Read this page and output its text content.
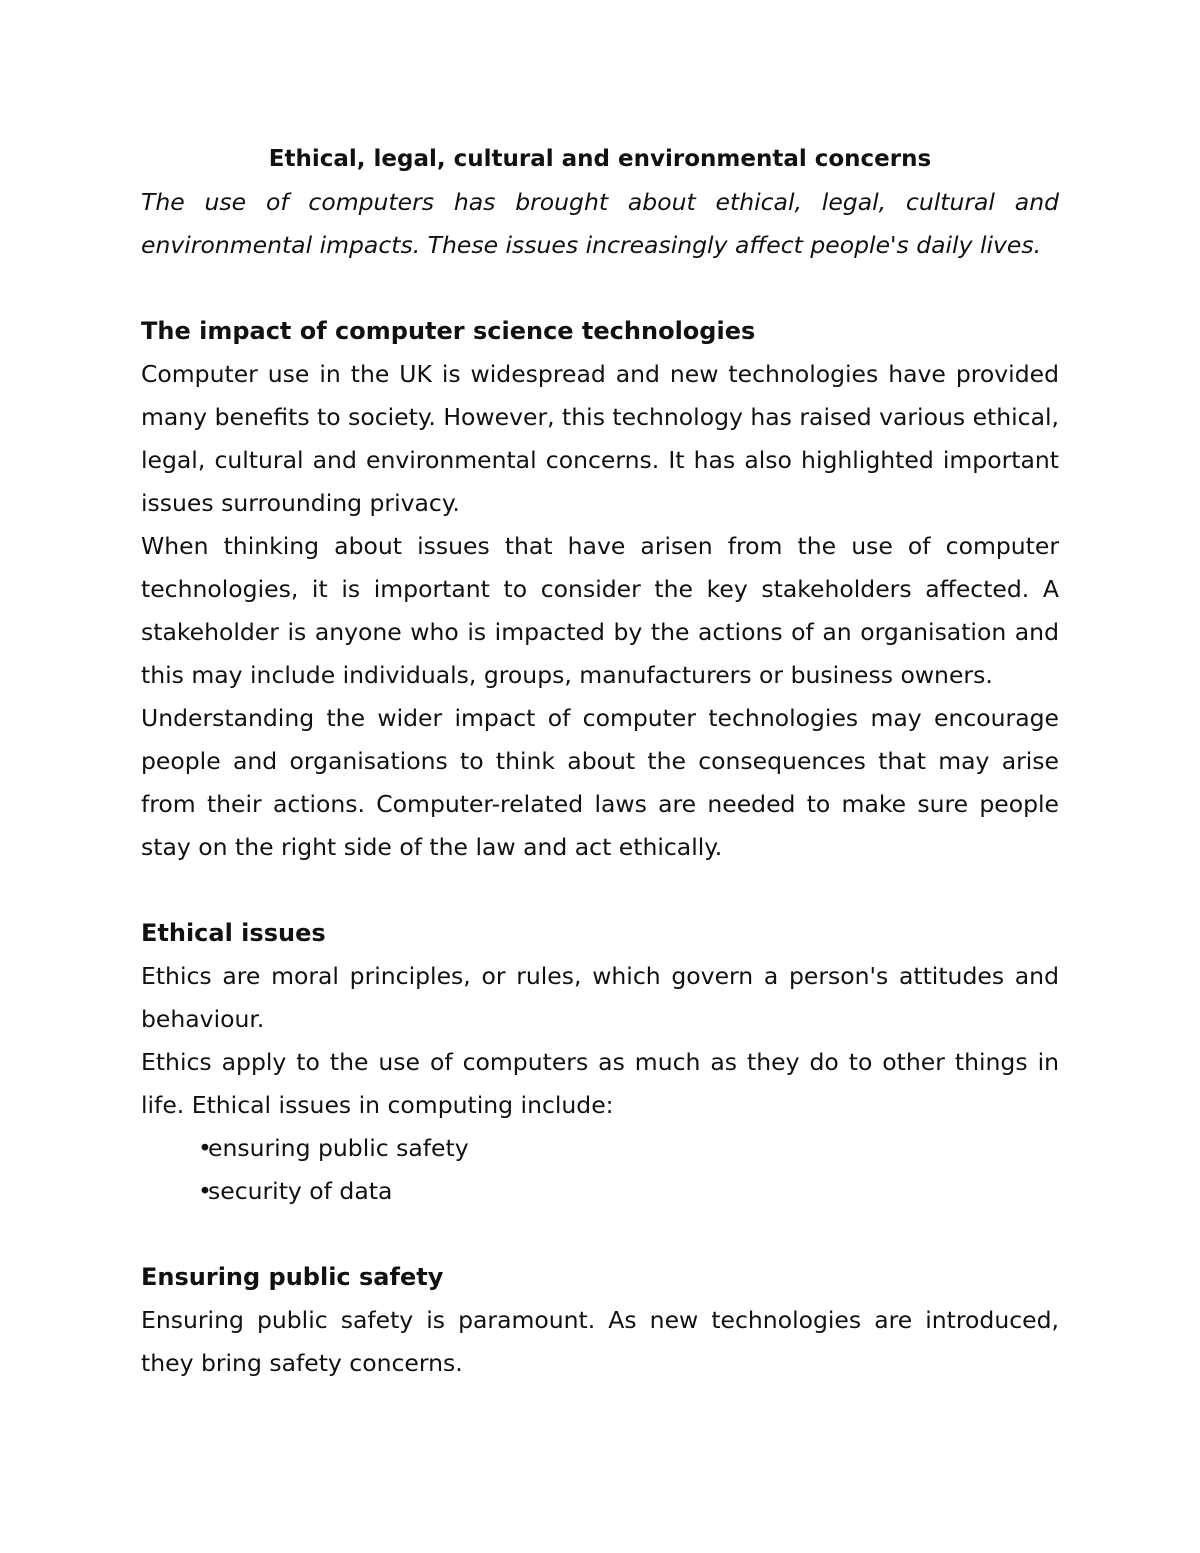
Ethical, legal, cultural and environmental concerns

The use of computers has brought about ethical, legal, cultural and environmental impacts. These issues increasingly affect people's daily lives.

The impact of computer science technologies

Computer use in the UK is widespread and new technologies have provided many benefits to society. However, this technology has raised various ethical, legal, cultural and environmental concerns. It has also highlighted important issues surrounding privacy.

When thinking about issues that have arisen from the use of computer technologies, it is important to consider the key stakeholders affected. A stakeholder is anyone who is impacted by the actions of an organisation and this may include individuals, groups, manufacturers or business owners.

Understanding the wider impact of computer technologies may encourage people and organisations to think about the consequences that may arise from their actions. Computer-related laws are needed to make sure people stay on the right side of the law and act ethically.

Ethical issues

Ethics are moral principles, or rules, which govern a person's attitudes and behaviour.

Ethics apply to the use of computers as much as they do to other things in life. Ethical issues in computing include:

•ensuring public safety
•security of data

Ensuring public safety

Ensuring public safety is paramount. As new technologies are introduced, they bring safety concerns.
